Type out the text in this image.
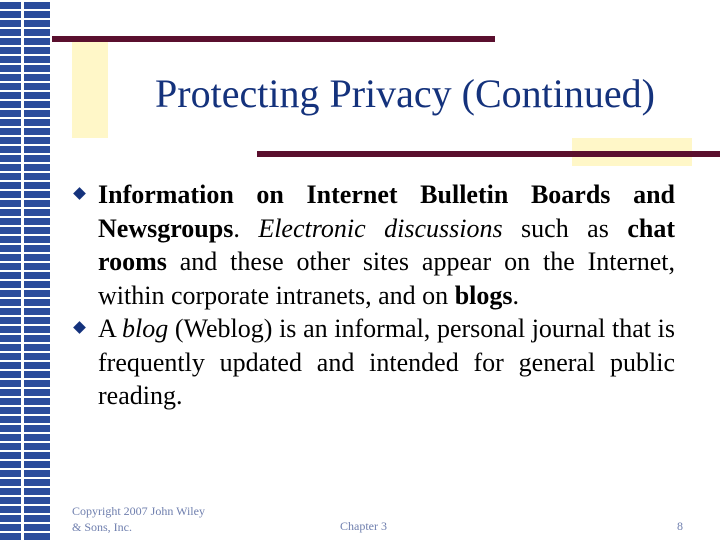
Protecting Privacy (Continued)
Information on Internet Bulletin Boards and Newsgroups. Electronic discussions such as chat rooms and these other sites appear on the Internet, within corporate intranets, and on blogs.
A blog (Weblog) is an informal, personal journal that is frequently updated and intended for general public reading.
Copyright 2007 John Wiley & Sons, Inc.	Chapter 3	8
